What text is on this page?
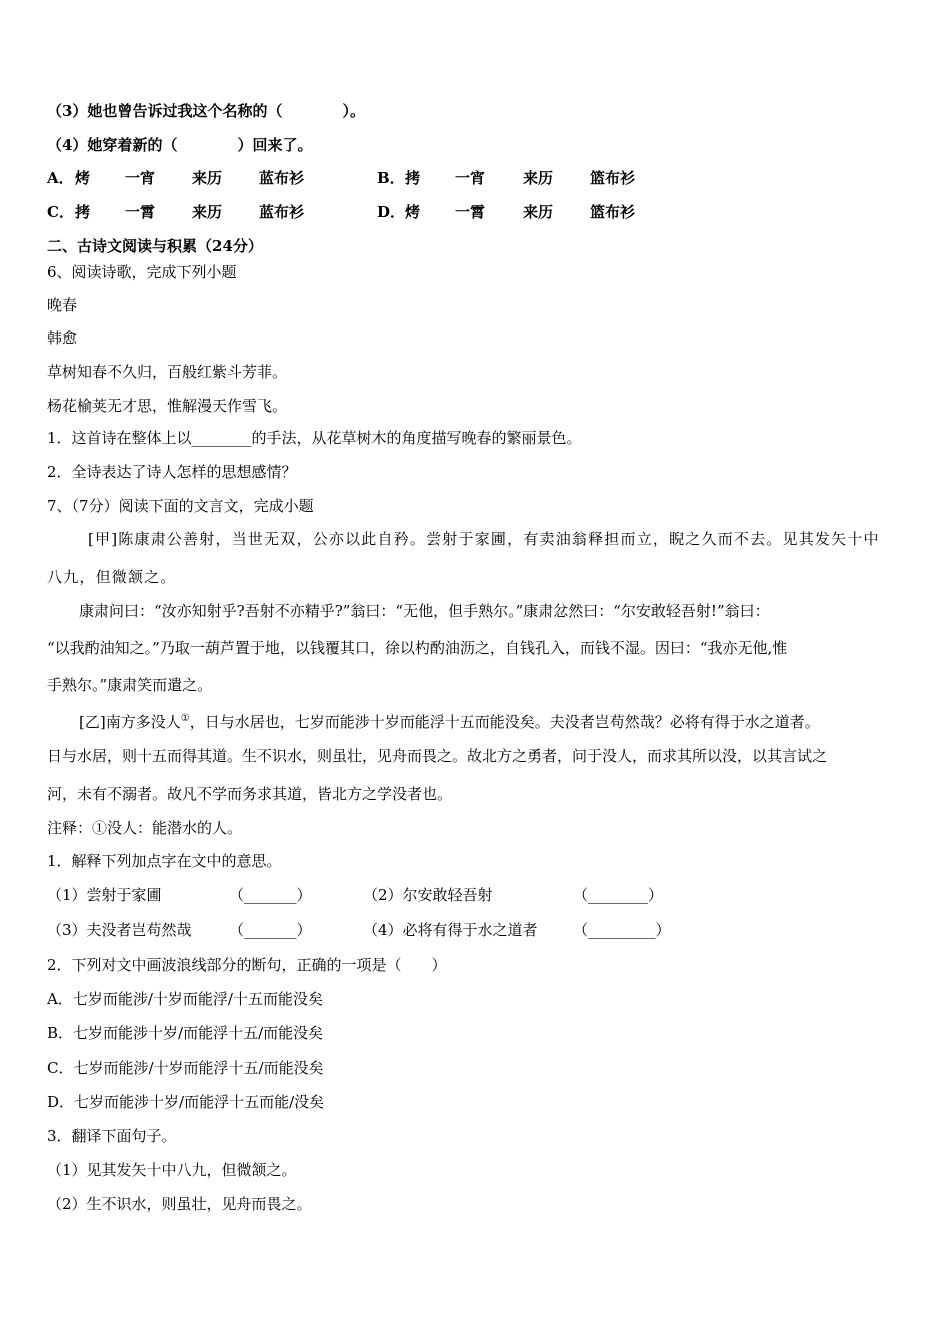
（3）她也曾告诉过我这个名称的（　　　　）。
（4）她穿着新的（　　　　）回来了。
A． 烤 一宵 来历 蓝布衫	B． 拷 一宵	来历 篮布衫
C． 拷 一霄 来历 蓝布衫	D． 烤 一霄	来历 篮布衫
二、古诗文阅读与积累（24分）
6、阅读诗歌，完成下列小题
晚春
韩愈
草树知春不久归，百般红紫斗芳菲。
杨花榆荚无才思，惟解漫天作雪飞。
1．这首诗在整体上以________的手法，从花草树木的角度描写晚春的繁丽景色。
2．全诗表达了诗人怎样的思想感情？
7、（7分）阅读下面的文言文，完成小题
[甲]陈康肃公善射，当世无双，公亦以此自矜。尝射于家圃，有卖油翁释担而立，睨之久而不去。见其发矢十中
八九，但微颔之。
康肃问曰：“汝亦知射乎?吾射不亦精乎?”翁曰：“无他，但手熟尔。”康肃忿然曰：“尔安敢轻吾射!”翁曰：
“以我酌油知之。”乃取一葫芦置于地，以钱覆其口，徐以杓酌油沥之，自钱孔入，而钱不湿。因曰：“我亦无他,惟
手熟尔。”康肃笑而遣之。
[乙]南方多没人①，日与水居也，七岁而能涉十岁而能浮十五而能没矣。夫没者岂苟然哉？必将有得于水之道者。
日与水居，则十五而得其道。生不识水，则虽壮，见舟而畏之。故北方之勇者，问于没人，而求其所以没，以其言试之
河，未有不溺者。故凡不学而务求其道，皆北方之学没者也。
注释：①没人：能潜水的人。
1．解释下列加点字在文中的意思。
（1）尝射于家圃	（_______）	（2）尔安敢轻吾射	（________）
（3）夫没者岂苟然哉 （_______）	（4）必将有得于水之道者 （_________）
2．下列对文中画波浪线部分的断句，正确的一项是（　　）
A．七岁而能涉/十岁而能浮/十五而能没矣
B．七岁而能涉十岁/而能浮十五/而能没矣
C．七岁而能涉/十岁而能浮十五/而能没矣
D．七岁而能涉十岁/而能浮十五而能/没矣
3．翻译下面句子。
（1）见其发矢十中八九，但微颔之。
（2）生不识水，则虽壮，见舟而畏之。
